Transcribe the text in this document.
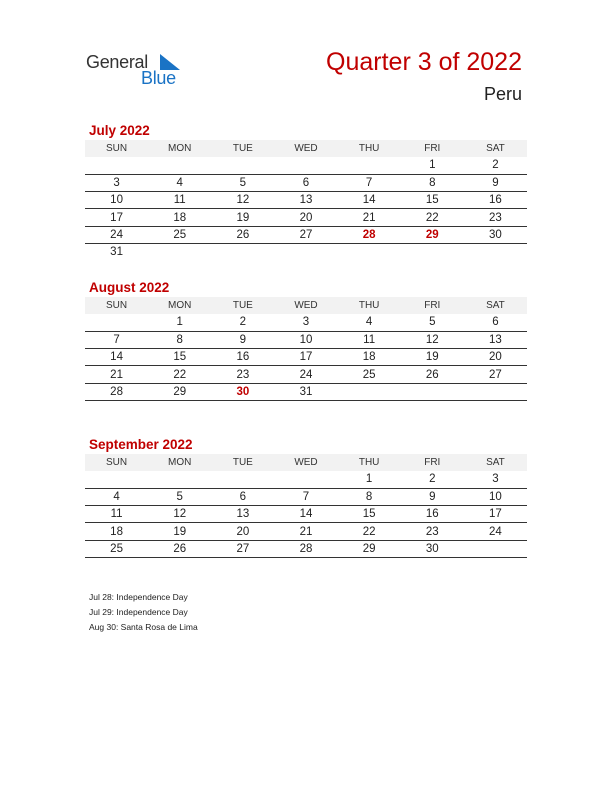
General
Blue
Quarter 3 of 2022
Peru
July 2022
SUN	MON	TUE	WED	THU	FRI	SAT
					1	2
3	4	5	6	7	8	9
10	11	12	13	14	15	16
17	18	19	20	21	22	23
24	25	26	27	28	29	30
31						
August 2022
SUN	MON	TUE	WED	THU	FRI	SAT
	1	2	3	4	5	6
7	8	9	10	11	12	13
14	15	16	17	18	19	20
21	22	23	24	25	26	27
28	29	30	31			

September 2022
SUN	MON	TUE	WED	THU	FRI	SAT
				1	2	3
4	5	6	7	8	9	10
11	12	13	14	15	16	17
18	19	20	21	22	23	24
25	26	27	28	29	30	

Jul 28: Independence Day
Jul 29: Independence Day
Aug 30: Santa Rosa de Lima
